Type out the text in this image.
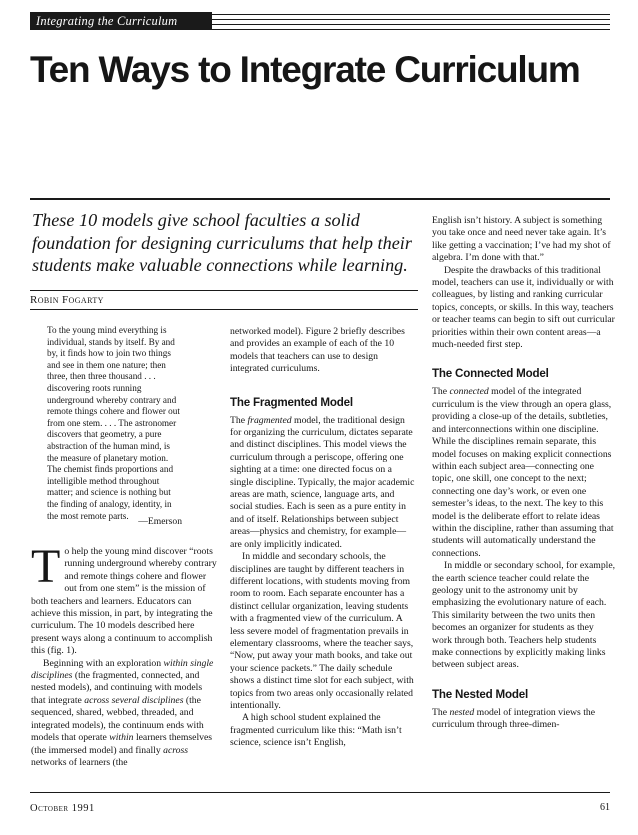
Integrating the Curriculum
Ten Ways to Integrate Curriculum

These 10 models give school faculties a solid foundation for designing curriculums that help their students make valuable connections while learning.

Robin Fogarty

To the young mind everything is individual, stands by itself. By and by, it finds how to join two things and see in them one nature; then three, then three thousand . . . discovering roots running underground whereby contrary and remote things cohere and flower out from one stem. . . . The astronomer discovers that geometry, a pure abstraction of the human mind, is the measure of planetary motion. The chemist finds proportions and intelligible method throughout matter; and science is nothing but the finding of analogy, identity, in the most remote parts.

—Emerson

To help the young mind discover “roots running underground whereby contrary and remote things cohere and flower out from one stem” is the mission of both teachers and learners. Educators can achieve this mission, in part, by integrating the curriculum. The 10 models described here present ways along a continuum to accomplish this (fig. 1).

Beginning with an exploration within single disciplines (the fragmented, connected, and nested models), and continuing with models that integrate across several disciplines (the sequenced, shared, webbed, threaded, and integrated models), the continuum ends with models that operate within learners themselves (the immersed model) and finally across networks of learners (the

networked model). Figure 2 briefly describes and provides an example of each of the 10 models that teachers can use to design integrated curriculums.

The Fragmented Model

The fragmented model, the traditional design for organizing the curriculum, dictates separate and distinct disciplines. This model views the curriculum through a periscope, offering one sighting at a time: one directed focus on a single discipline. Typically, the major academic areas are math, science, language arts, and social studies. Each is seen as a pure entity in and of itself. Relationships between subject areas—physics and chemistry, for example—are only implicitly indicated.

In middle and secondary schools, the disciplines are taught by different teachers in different locations, with students moving from room to room. Each separate encounter has a distinct cellular organization, leaving students with a fragmented view of the curriculum. A less severe model of fragmentation prevails in elementary classrooms, where the teacher says, “Now, put away your math books, and take out your science packets.” The daily schedule shows a distinct time slot for each subject, with topics from two areas only occasionally related intentionally.

A high school student explained the fragmented curriculum like this: “Math isn’t science, science isn’t English,

English isn’t history. A subject is something you take once and need never take again. It’s like getting a vaccination; I’ve had my shot of algebra. I’m done with that.”

Despite the drawbacks of this traditional model, teachers can use it, individually or with colleagues, by listing and ranking curricular topics, concepts, or skills. In this way, teachers or teacher teams can begin to sift out curricular priorities within their own content areas—a much-needed first step.

The Connected Model

The connected model of the integrated curriculum is the view through an opera glass, providing a close-up of the details, subtleties, and interconnections within one discipline. While the disciplines remain separate, this model focuses on making explicit connections within each subject area—connecting one topic, one skill, one concept to the next; connecting one day’s work, or even one semester’s ideas, to the next. The key to this model is the deliberate effort to relate ideas within the discipline, rather than assuming that students will automatically understand the connections.

In middle or secondary school, for example, the earth science teacher could relate the geology unit to the astronomy unit by emphasizing the evolutionary nature of each. This similarity between the two units then becomes an organizer for students as they work through both. Teachers help students make connections by explicitly making links between subject areas.

The Nested Model

The nested model of integration views the curriculum through three-dimen-

October 1991	61
